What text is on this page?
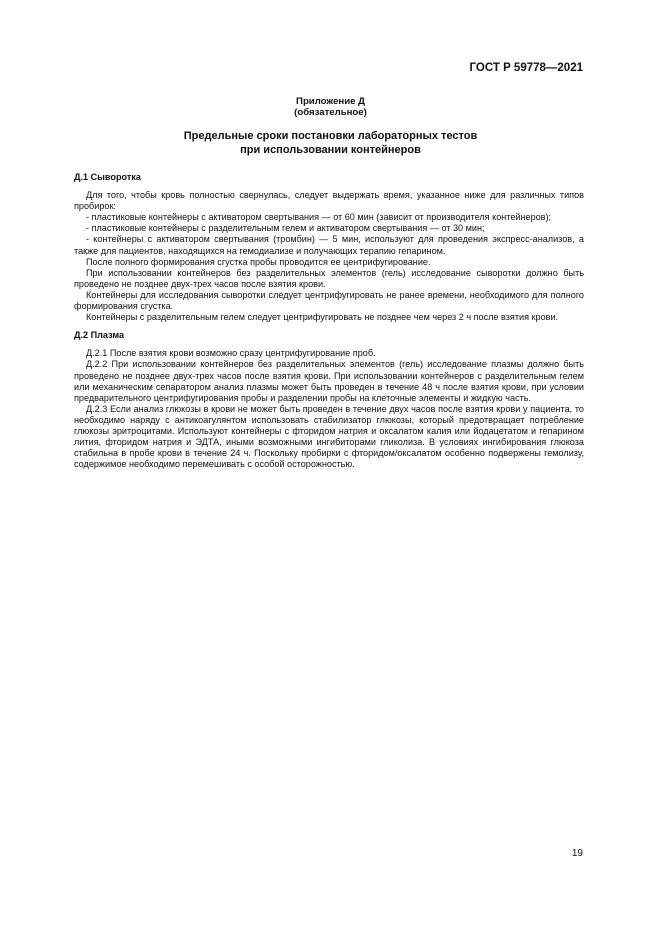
ГОСТ Р 59778—2021
Приложение Д
(обязательное)
Предельные сроки постановки лабораторных тестов
при использовании контейнеров
Д.1 Сыворотка

Для того, чтобы кровь полностью свернулась, следует выдержать время, указанное ниже для различных типов пробирок:

- пластиковые контейнеры с активатором свертывания — от 60 мин (зависит от производителя контейнеров);

- пластиковые контейнеры с разделительным гелем и активатором свертывания — от 30 мин;

- контейнеры с активатором свертывания (тромбин) — 5 мин, используют для проведения экспресс-анализов, а также для пациентов, находящихся на гемодиализе и получающих терапию гепарином.

После полного формирования сгустка пробы проводится ее центрифугирование.

При использовании контейнеров без разделительных элементов (гель) исследование сыворотки должно быть проведено не позднее двух-трех часов после взятия крови.

Контейнеры для исследования сыворотки следует центрифугировать не ранее времени, необходимого для полного формирования сгустка.

Контейнеры с разделительным гелем следует центрифугировать не позднее чем через 2 ч после взятия крови.

Д.2 Плазма

Д.2.1 После взятия крови возможно сразу центрифугирование проб.

Д.2.2 При использовании контейнеров без разделительных элементов (гель) исследование плазмы должно быть проведено не позднее двух-трех часов после взятия крови. При использовании контейнеров с разделительным гелем или механическим сепаратором анализ плазмы может быть проведен в течение 48 ч после взятия крови, при условии предварительного центрифугирования пробы и разделении пробы на клеточные элементы и жидкую часть.

Д.2.3 Если анализ глюкозы в крови не может быть проведен в течение двух часов после взятия крови у пациента, то необходимо наряду с антикоагулянтом использовать стабилизатор глюкозы, который предотвращает потребление глюкозы эритроцитами. Используют контейнеры с фторидом натрия и оксалатом калия или йодацетатом и гепарином лития, фторидом натрия и ЭДТА, иными возможными ингибиторами гликолиза. В условиях ингибирования глюкоза стабильна в пробе крови в течение 24 ч. Поскольку пробирки с фторидом/оксалатом особенно подвержены гемолизу, содержимое необходимо перемешивать с особой осторожностью.

19
